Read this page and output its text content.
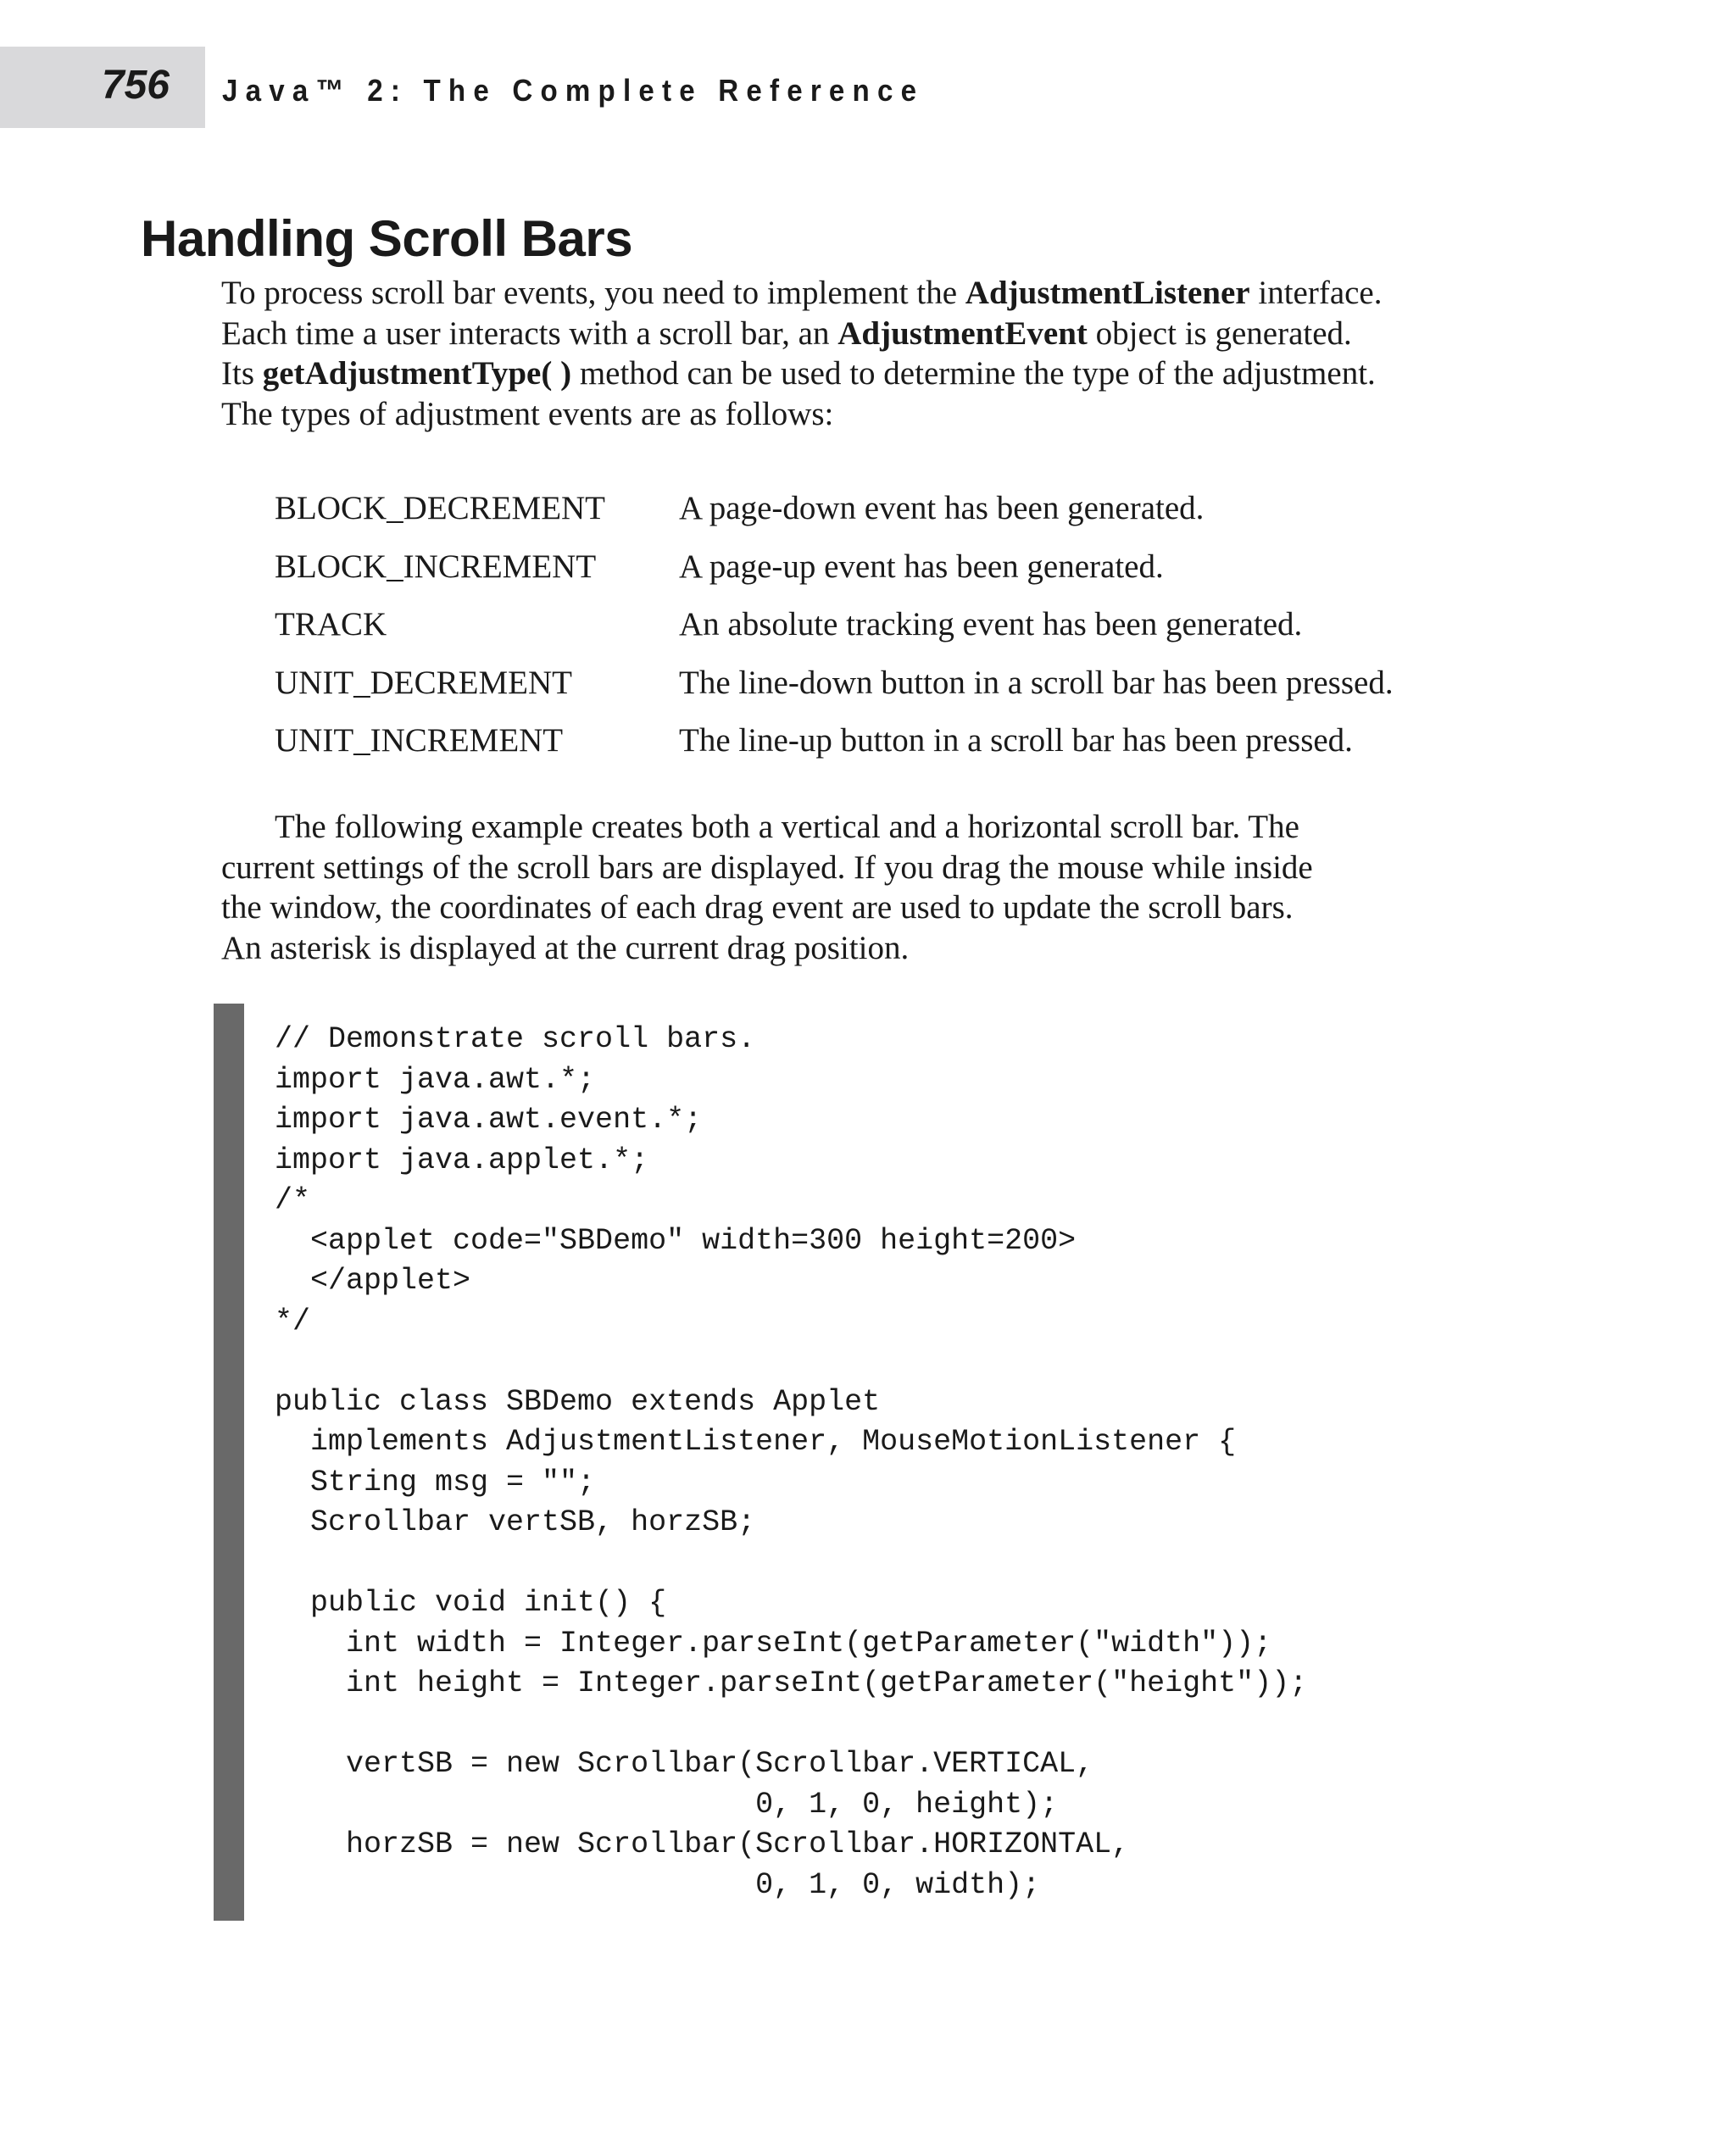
756 Java™ 2: The Complete Reference
Handling Scroll Bars
To process scroll bar events, you need to implement the AdjustmentListener interface.
Each time a user interacts with a scroll bar, an AdjustmentEvent object is generated.
Its getAdjustmentType( ) method can be used to determine the type of the adjustment.
The types of adjustment events are as follows:
BLOCK_DECREMENT A page-down event has been generated.
BLOCK_INCREMENT	A page-up event has been generated.
TRACK	An absolute tracking event has been generated.
UNIT_DECREMENT	The line-down button in a scroll bar has been pressed.
UNIT_INCREMENT	The line-up button in a scroll bar has been pressed.
The following example creates both a vertical and a horizontal scroll bar. The
current settings of the scroll bars are displayed. If you drag the mouse while inside
the window, the coordinates of each drag event are used to update the scroll bars.
An asterisk is displayed at the current drag position.
// Demonstrate scroll bars.
import java.awt.*;
import java.awt.event.*;
import java.applet.*;
/*
<applet code="SBDemo" width=300 height=200>
</applet>
*/
public class SBDemo extends Applet
implements AdjustmentListener, MouseMotionListener {
String msg = "";
Scrollbar vertSB, horzSB;
public void init() {
int width = Integer.parseInt(getParameter("width"));
int height = Integer.parseInt(getParameter("height"));
vertSB = new Scrollbar(Scrollbar.VERTICAL,
0, 1, 0, height);
horzSB = new Scrollbar(Scrollbar.HORIZONTAL,
0, 1, 0, width);
